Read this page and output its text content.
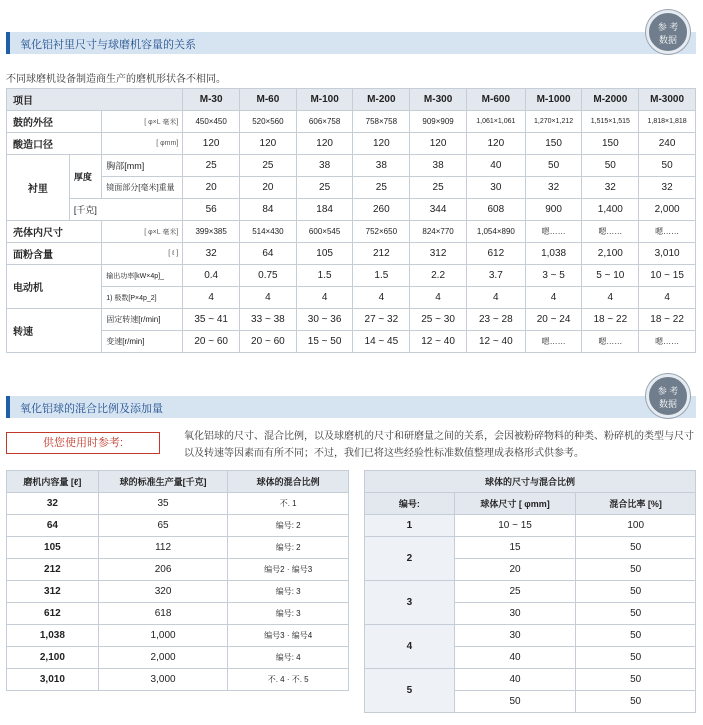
氧化铝衬里尺寸与球磨机容量的关系
参 考
数据
不同球磨机设备制造商生产的磨机形状各不相同。
项目			M-30	M-60	M-100	M-200	M-300	M-600	M-1000	M-2000	M-3000
鼓的外径		[ φ×L 毫米]	450×450	520×560	606×758	758×758	909×909	1,061×1,061	1,270×1,212	1,515×1,515	1,818×1,818
酸造口径		[ φmm]	120	120	120	120	120	120	150	150	240
衬里	厚度	胸部[mm]	25	25	38	38	38	40	50	50	50
		镜面部分[毫米]重量	20	20	25	25	25	30	32	32	32
	[千克]		56	84	184	260	344	608	900	1,400	2,000
壳体内尺寸		[ φ×L 毫米]	399×385	514×430	600×545	752×650	824×770	1,054×890	嗯……	嗯……	嗯……
面粉含量		[ ℓ ]	32	64	105	212	312	612	1,038	2,100	3,010
电动机		输出功率[kW×4p]_	0.4	0.75	1.5	1.5	2.2	3.7	3 ~ 5	5 ~ 10	10 ~ 15
		1) 极数[P×4p_2]	4	4	4	4	4	4	4	4	4
转速		固定转速[r/min]	35 ~ 41	33 ~ 38	30 ~ 36	27 ~ 32	25 ~ 30	23 ~ 28	20 ~ 24	18 ~ 22	18 ~ 22
		变速[r/min]	20 ~ 60	20 ~ 60	15 ~ 50	14 ~ 45	12 ~ 40	12 ~ 40	嗯……	嗯……	嗯……
氧化铝球的混合比例及添加量
参 考
数据
供您使用时参考:
氧化铝球的尺寸、混合比例，以及球磨机的尺寸和研磨量之间的关系，会因被粉碎物料的种类、粉碎机的类型与尺寸以及转速等因素而有所不同；不过，我们已将这些经验性标准数值整理成表格形式供参考。
磨机内容量 [ℓ]	球的标准生产量[千克]	球体的混合比例
32	35	不. 1
64	65	编号: 2
105	112	编号: 2
212	206	编号2 · 编号3
312	320	编号: 3
612	618	编号: 3
1,038	1,000	编号3 · 编号4
2,100	2,000	编号: 4
3,010	3,000	不. 4 · 不. 5
球体的尺寸与混合比例		
编号:	球体尺寸 [ φmm]	混合比率 [%]
1	10 ~ 15	100
2	15	50
	20	50
3	25	50
	30	50
4	30	50
	40	50
5	40	50
	50	50
